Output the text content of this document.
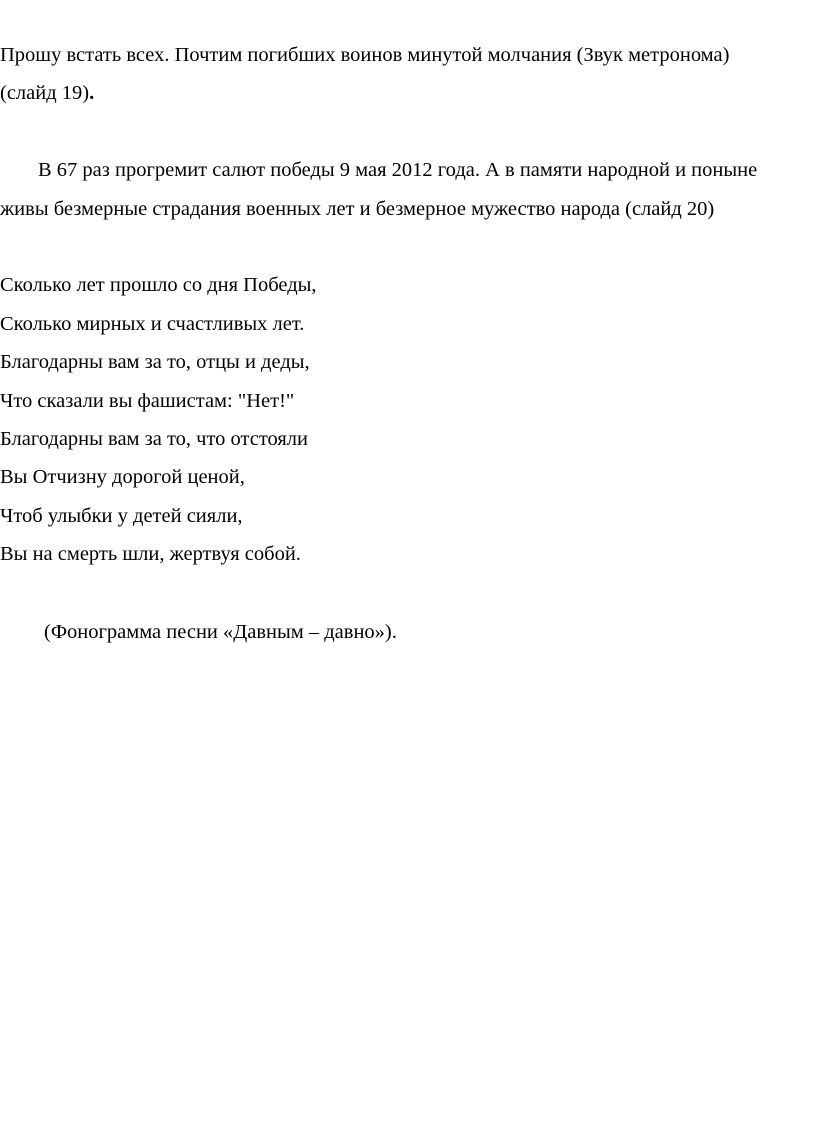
Прошу встать всех. Почтим погибших воинов минутой молчания (Звук метронома)
(слайд 19).
В 67 раз прогремит салют победы 9 мая 2012 года. А в памяти народной и поныне
живы безмерные страдания военных лет и безмерное мужество народа (слайд 20)
Сколько лет прошло со дня Победы,
Сколько мирных и счастливых лет.
Благодарны вам за то, отцы и деды,
Что сказали вы фашистам: "Нет!"
Благодарны вам за то, что отстояли
Вы Отчизну дорогой ценой,
Чтоб улыбки у детей сияли,
Вы на смерть шли, жертвуя собой.
(Фонограмма песни «Давным – давно»).
